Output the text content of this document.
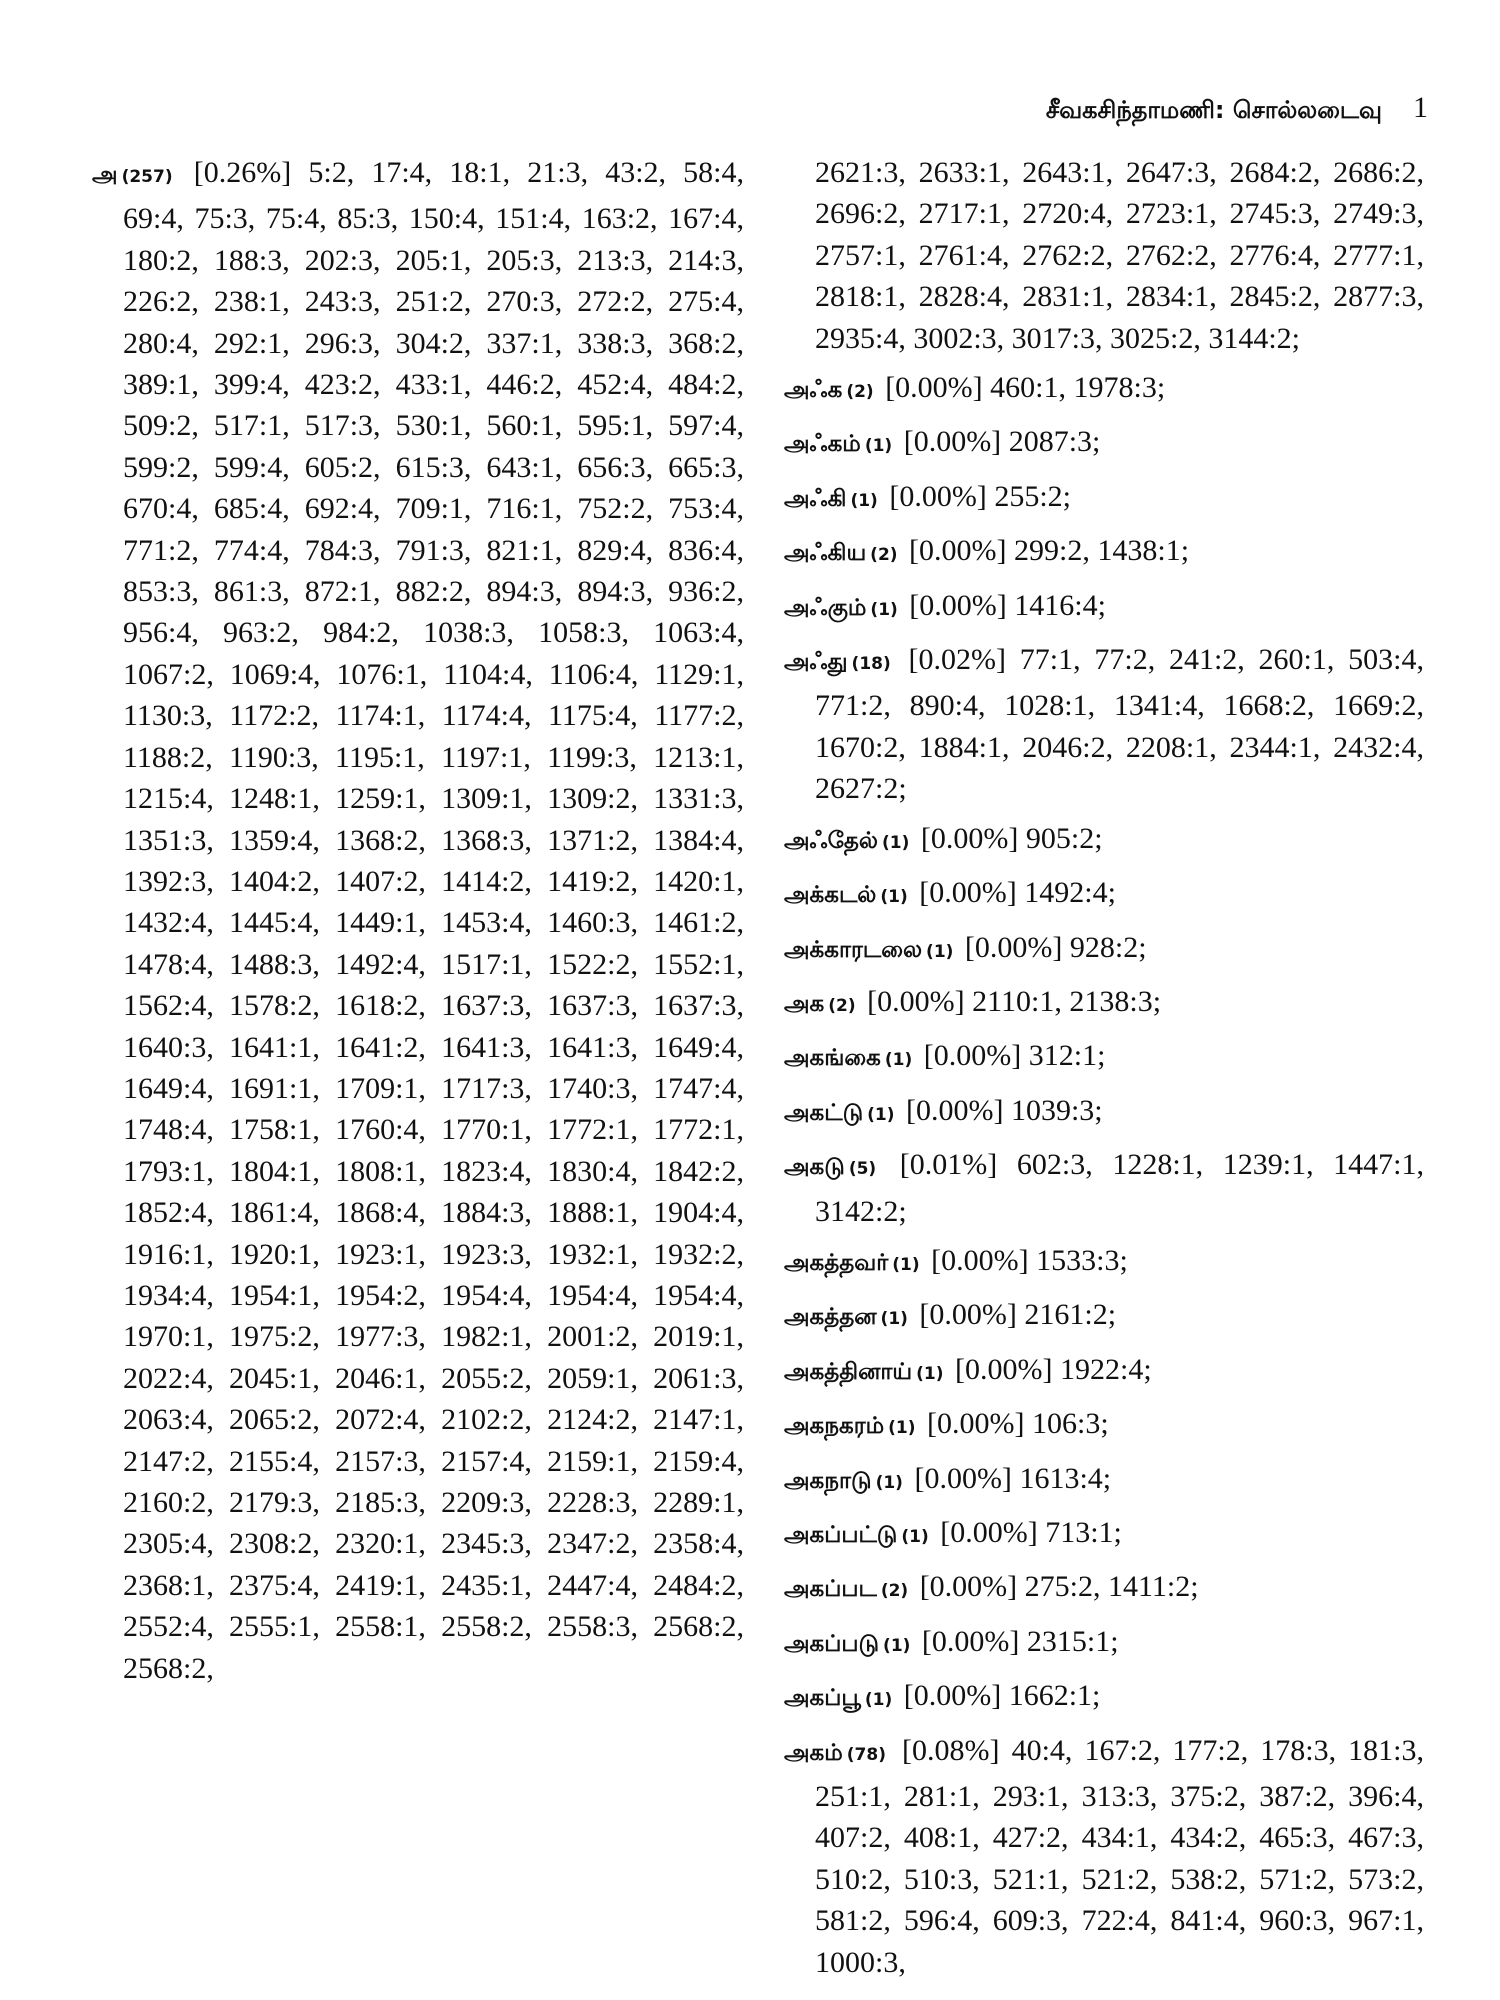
சீவகசிந்தாமணி: சொல்லடைவு 1

அ (257) [0.26%] 5:2, 17:4, 18:1, 21:3, 43:2, 58:4, 69:4, 75:3, 75:4, 85:3, 150:4, 151:4, 163:2, 167:4, 180:2, 188:3, 202:3, 205:1, 205:3, 213:3, 214:3, 226:2, 238:1, 243:3, 251:2, 270:3, 272:2, 275:4, 280:4, 292:1, 296:3, 304:2, 337:1, 338:3, 368:2, 389:1, 399:4, 423:2, 433:1, 446:2, 452:4, 484:2, 509:2, 517:1, 517:3, 530:1, 560:1, 595:1, 597:4, 599:2, 599:4, 605:2, 615:3, 643:1, 656:3, 665:3, 670:4, 685:4, 692:4, 709:1, 716:1, 752:2, 753:4, 771:2, 774:4, 784:3, 791:3, 821:1, 829:4, 836:4, 853:3, 861:3, 872:1, 882:2, 894:3, 894:3, 936:2, 956:4, 963:2, 984:2, 1038:3, 1058:3, 1063:4, 1067:2, 1069:4, 1076:1, 1104:4, 1106:4, 1129:1, 1130:3, 1172:2, 1174:1, 1174:4, 1175:4, 1177:2, 1188:2, 1190:3, 1195:1, 1197:1, 1199:3, 1213:1, 1215:4, 1248:1, 1259:1, 1309:1, 1309:2, 1331:3, 1351:3, 1359:4, 1368:2, 1368:3, 1371:2, 1384:4, 1392:3, 1404:2, 1407:2, 1414:2, 1419:2, 1420:1, 1432:4, 1445:4, 1449:1, 1453:4, 1460:3, 1461:2, 1478:4, 1488:3, 1492:4, 1517:1, 1522:2, 1552:1, 1562:4, 1578:2, 1618:2, 1637:3, 1637:3, 1637:3, 1640:3, 1641:1, 1641:2, 1641:3, 1641:3, 1649:4, 1649:4, 1691:1, 1709:1, 1717:3, 1740:3, 1747:4, 1748:4, 1758:1, 1760:4, 1770:1, 1772:1, 1772:1, 1793:1, 1804:1, 1808:1, 1823:4, 1830:4, 1842:2, 1852:4, 1861:4, 1868:4, 1884:3, 1888:1, 1904:4, 1916:1, 1920:1, 1923:1, 1923:3, 1932:1, 1932:2, 1934:4, 1954:1, 1954:2, 1954:4, 1954:4, 1954:4, 1970:1, 1975:2, 1977:3, 1982:1, 2001:2, 2019:1, 2022:4, 2045:1, 2046:1, 2055:2, 2059:1, 2061:3, 2063:4, 2065:2, 2072:4, 2102:2, 2124:2, 2147:1, 2147:2, 2155:4, 2157:3, 2157:4, 2159:1, 2159:4, 2160:2, 2179:3, 2185:3, 2209:3, 2228:3, 2289:1, 2305:4, 2308:2, 2320:1, 2345:3, 2347:2, 2358:4, 2368:1, 2375:4, 2419:1, 2435:1, 2447:4, 2484:2, 2552:4, 2555:1, 2558:1, 2558:2, 2558:3, 2568:2, 2568:2,

2621:3, 2633:1, 2643:1, 2647:3, 2684:2, 2686:2, 2696:2, 2717:1, 2720:4, 2723:1, 2745:3, 2749:3, 2757:1, 2761:4, 2762:2, 2762:2, 2776:4, 2777:1, 2818:1, 2828:4, 2831:1, 2834:1, 2845:2, 2877:3, 2935:4, 3002:3, 3017:3, 3025:2, 3144:2;

அஃக (2) [0.00%] 460:1, 1978:3;

அஃகம் (1) [0.00%] 2087:3;

அஃகி (1) [0.00%] 255:2;

அஃகிய (2) [0.00%] 299:2, 1438:1;

அஃகும் (1) [0.00%] 1416:4;

அஃது (18) [0.02%] 77:1, 77:2, 241:2, 260:1, 503:4, 771:2, 890:4, 1028:1, 1341:4, 1668:2, 1669:2, 1670:2, 1884:1, 2046:2, 2208:1, 2344:1, 2432:4, 2627:2;

அஃதேல் (1) [0.00%] 905:2;

அக்கடல் (1) [0.00%] 1492:4;

அக்காரடலை (1) [0.00%] 928:2;

அக (2) [0.00%] 2110:1, 2138:3;

அகங்கை (1) [0.00%] 312:1;

அகட்டு (1) [0.00%] 1039:3;

அகடு (5) [0.01%] 602:3, 1228:1, 1239:1, 1447:1, 3142:2;

அகத்தவர் (1) [0.00%] 1533:3;

அகத்தன (1) [0.00%] 2161:2;

அகத்தினாய் (1) [0.00%] 1922:4;

அகநகரம் (1) [0.00%] 106:3;

அகநாடு (1) [0.00%] 1613:4;

அகப்பட்டு (1) [0.00%] 713:1;

அகப்பட (2) [0.00%] 275:2, 1411:2;

அகப்படு (1) [0.00%] 2315:1;

அகப்பூ (1) [0.00%] 1662:1;

அகம் (78) [0.08%] 40:4, 167:2, 177:2, 178:3, 181:3, 251:1, 281:1, 293:1, 313:3, 375:2, 387:2, 396:4, 407:2, 408:1, 427:2, 434:1, 434:2, 465:3, 467:3, 510:2, 510:3, 521:1, 521:2, 538:2, 571:2, 573:2, 581:2, 596:4, 609:3, 722:4, 841:4, 960:3, 967:1, 1000:3,
